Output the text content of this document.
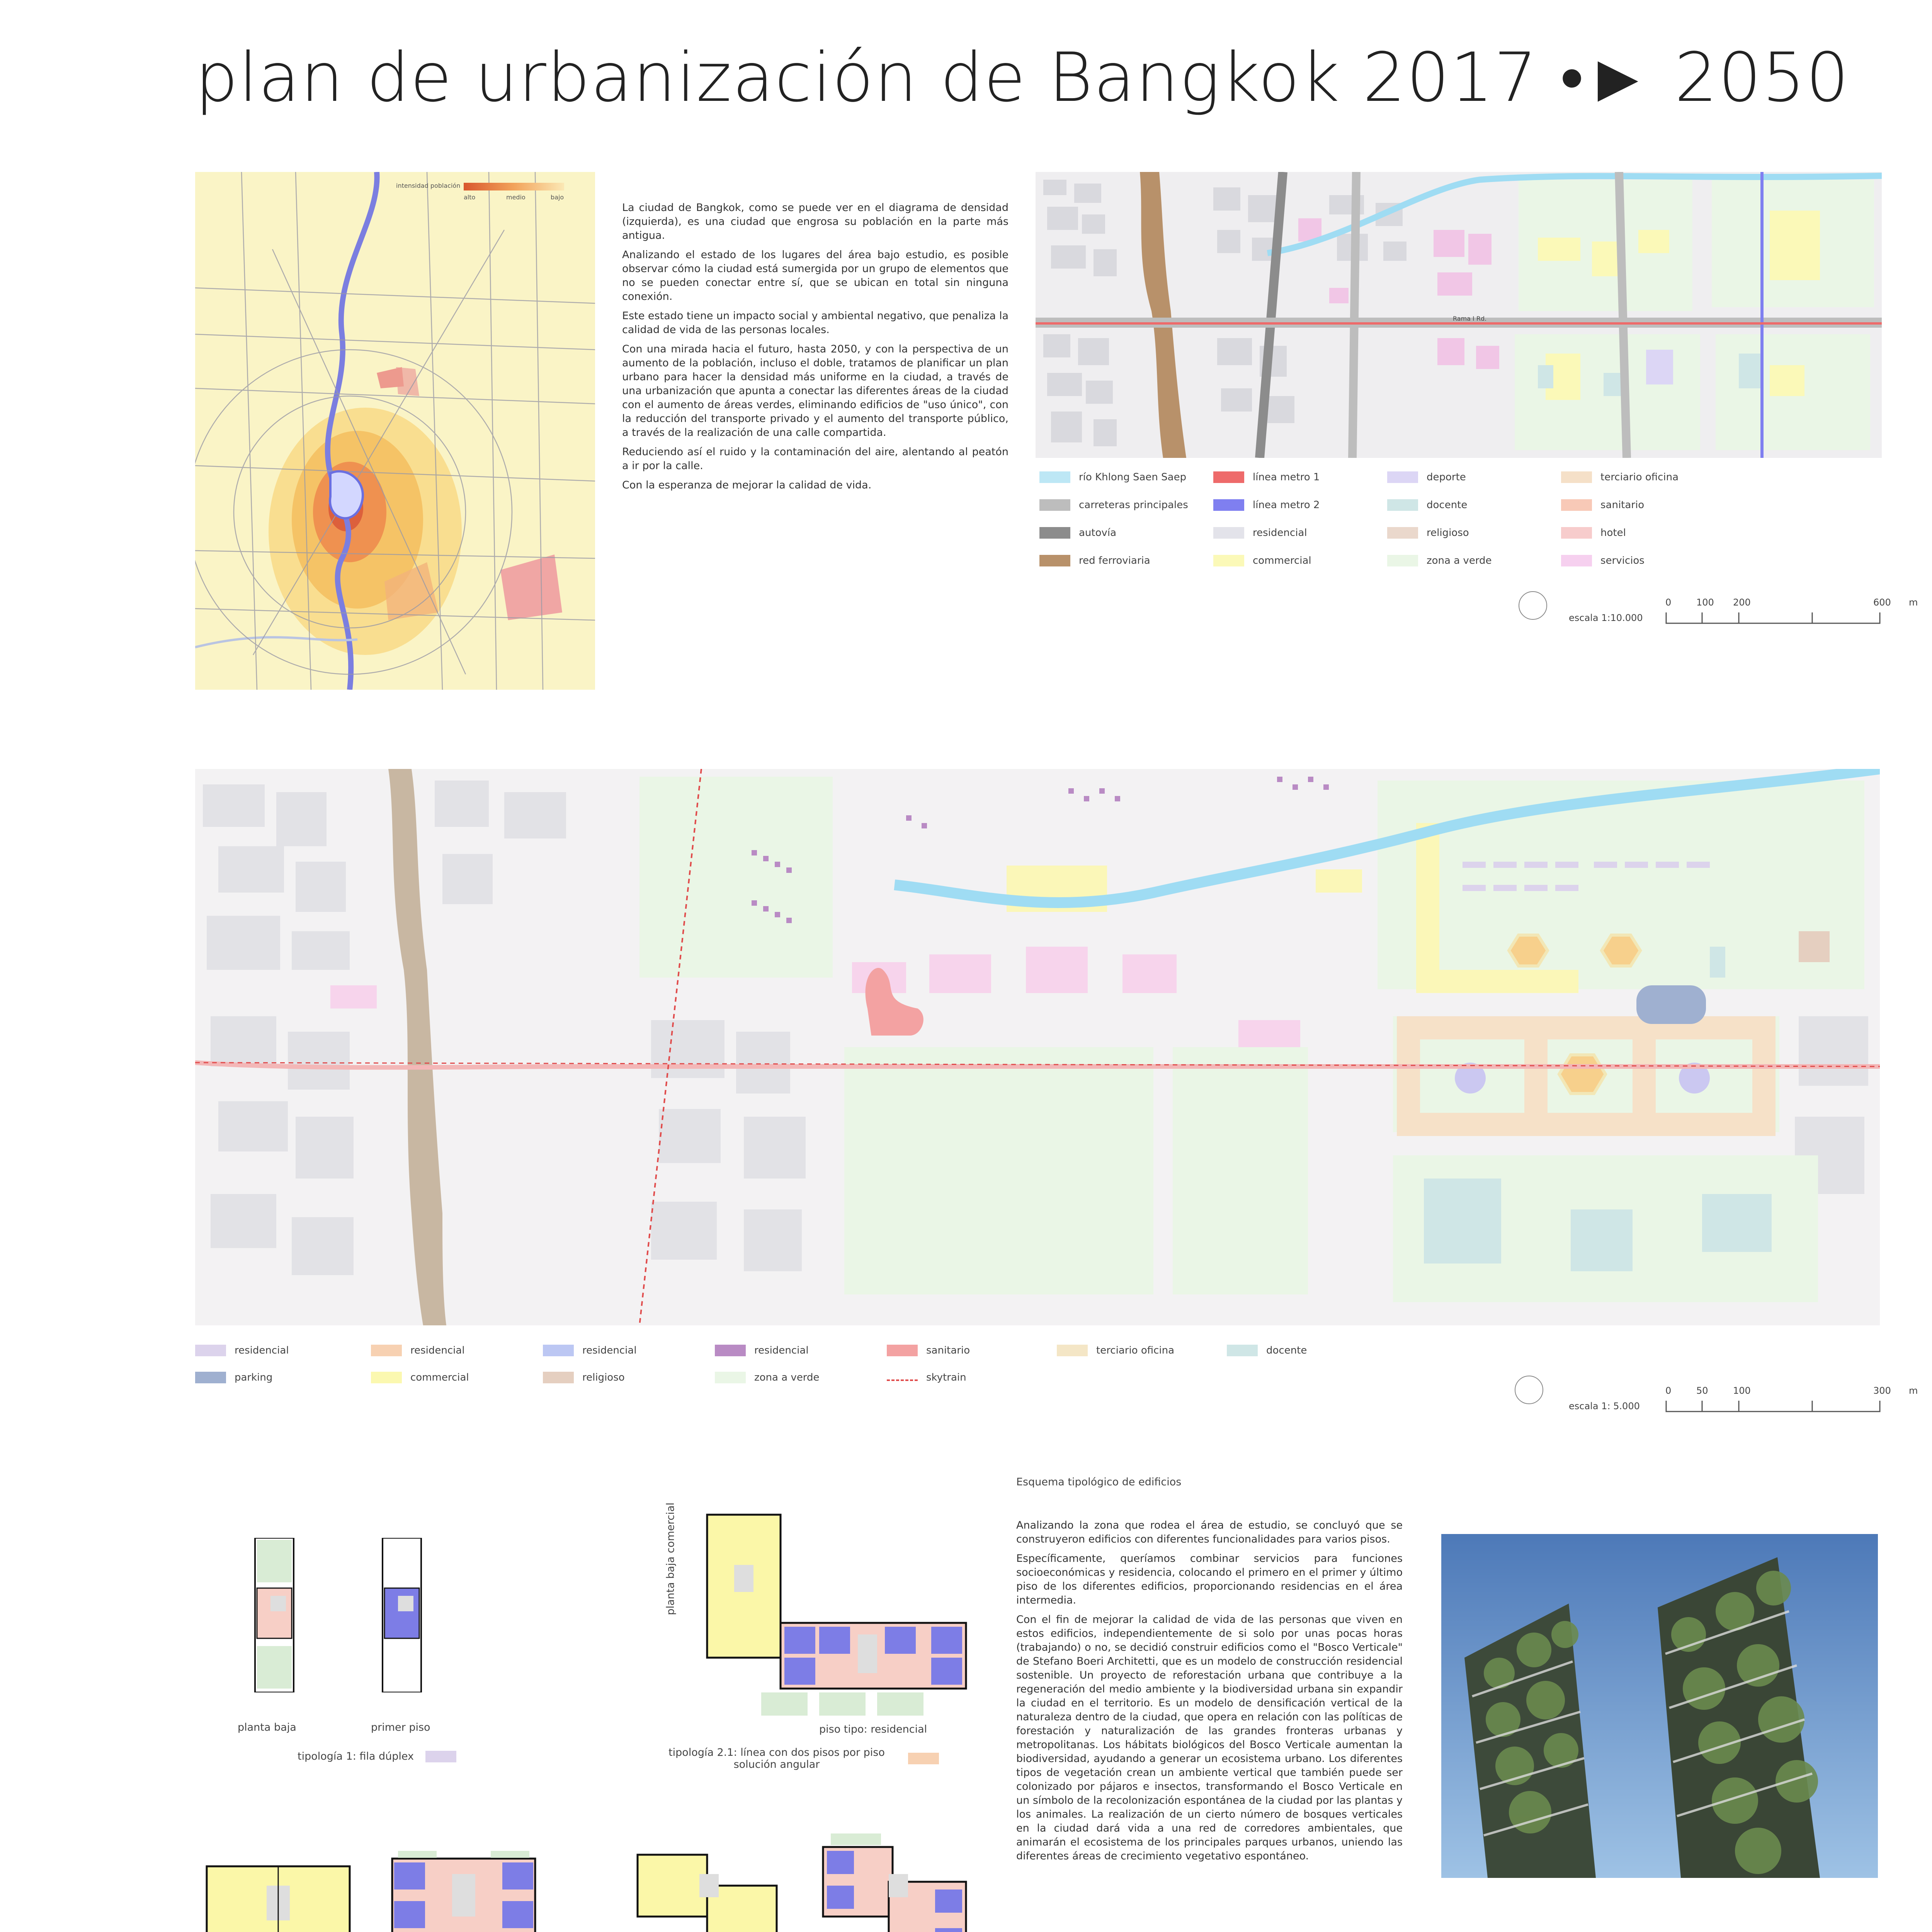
plan de urbanización de Bangkok 2017 •► 2050
intensidad población
alto	medio	bajo

La ciudad de Bangkok, como se puede ver en el diagrama de densidad (izquierda), es una ciudad que engrosa su población en la parte más antigua.

Analizando el estado de los lugares del área bajo estudio, es posible observar cómo la ciudad está sumergida por un grupo de elementos que no se pueden conectar entre sí, que se ubican en total sin ninguna conexión.

Este estado tiene un impacto social y ambiental negativo, que penaliza la calidad de vida de las personas locales.

Con una mirada hacia el futuro, hasta 2050, y con la perspectiva de un aumento de la población, incluso el doble, tratamos de planificar un plan urbano para hacer la densidad más uniforme en la ciudad, a través de una urbanización que apunta a conectar las diferentes áreas de la ciudad con el aumento de áreas verdes, eliminando edificios de "uso único", con la reducción del transporte privado y el aumento del transporte público, a través de la realización de una calle compartida.

Reduciendo así el ruido y la contaminación del aire, alentando al peatón a ir por la calle.

Con la esperanza de mejorar la calidad de vida.

Rama I Rd.
río Khlong Saen Saep
carreteras principales
autovía
red ferroviaria
línea metro 1
línea metro 2
residencial
commercial
deporte
docente
religioso
zona a verde
terciario oficina
sanitario
hotel
servicios
escala 1:10.000
0	100 200	600 m
residencial
parking
residencial
commercial
residencial
religioso
residencial
zona a verde
sanitario
skytrain
terciario oficina	docente
escala 1: 5.000
0	50	100	300 m
Esquema tipológico de edificios

Analizando la zona que rodea el área de estudio, se concluyó que se construyeron edificios con diferentes funcionalidades para varios pisos.

Específicamente, queríamos combinar servicios para funciones socioeconómicas y residencia, colocando el primero en el primer y último piso de los diferentes edificios, proporcionando residencias en el área intermedia.

Con el fin de mejorar la calidad de vida de las personas que viven en estos edificios, independientemente de si solo por unas pocas horas (trabajando) o no, se decidió construir edificios como el "Bosco Verticale" de Stefano Boeri Architetti, que es un modelo de construcción residencial sostenible. Un proyecto de reforestación urbana que contribuye a la regeneración del medio ambiente y la biodiversidad urbana sin expandir la ciudad en el territorio. Es un modelo de densificación vertical de la naturaleza dentro de la ciudad, que opera en relación con las políticas de forestación y naturalización de las grandes fronteras urbanas y metropolitanas. Los hábitats biológicos del Bosco Verticale aumentan la biodiversidad, ayudando a generar un ecosistema urbano. Los diferentes tipos de vegetación crean un ambiente vertical que también puede ser colonizado por pájaros e insectos, transformando el Bosco Verticale en un símbolo de la recolonización espontánea de la ciudad por las plantas y los animales. La realización de un cierto número de bosques verticales en la ciudad dará vida a una red de corredores ambientales, que animarán el ecosistema de los principales parques urbanos, uniendo las diferentes áreas de crecimiento vegetativo espontáneo.

planta baja	primer piso
tipología 1: fila dúplex
planta baja comercial
piso tipo: residencial
tipología 2.1: línea con dos pisos por piso solución angular
